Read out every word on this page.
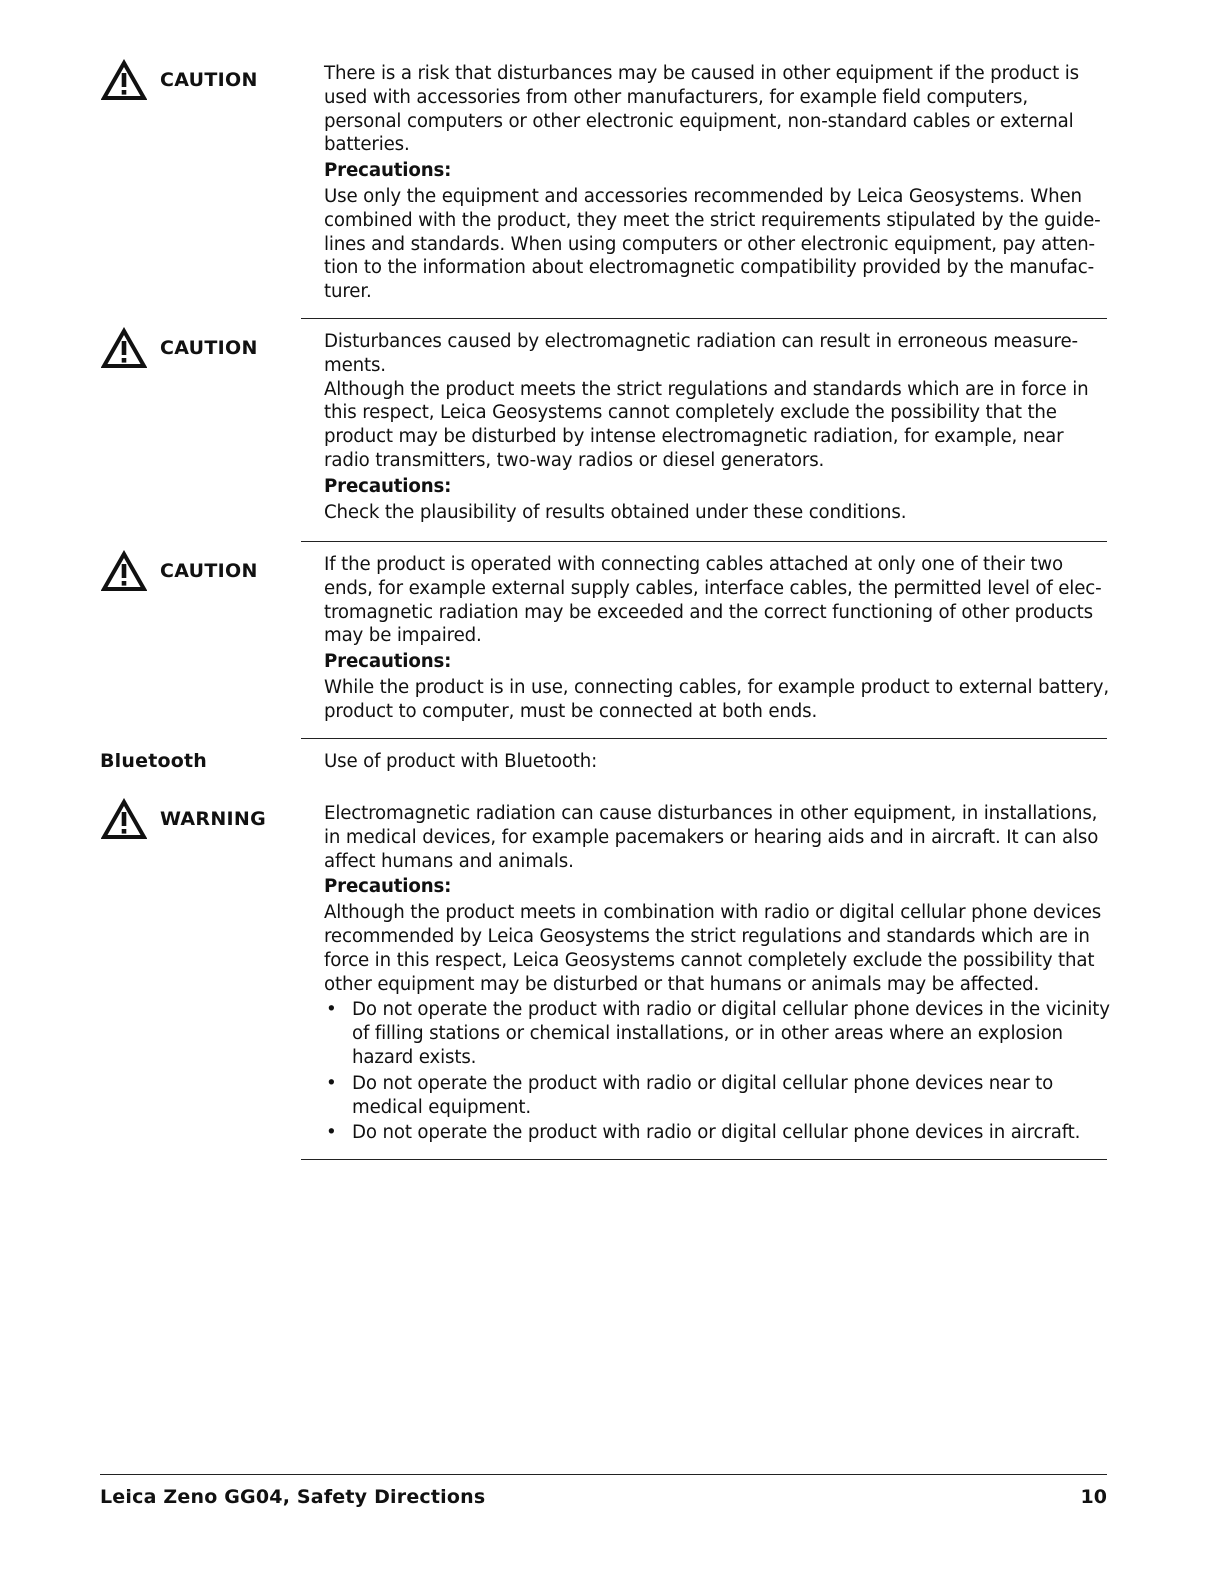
CAUTION	There is a risk that disturbances may be caused in other equipment if the product is used with accessories from other manufacturers, for example field computers, personal computers or other electronic equipment, non-standard cables or external batteries.

Precautions:

Use only the equipment and accessories recommended by Leica Geosystems. When combined with the product, they meet the strict requirements stipulated by the guide-lines and standards. When using computers or other electronic equipment, pay atten-tion to the information about electromagnetic compatibility provided by the manufac-turer.

CAUTION	Disturbances caused by electromagnetic radiation can result in erroneous measure-ments.

Although the product meets the strict regulations and standards which are in force in this respect, Leica Geosystems cannot completely exclude the possibility that the product may be disturbed by intense electromagnetic radiation, for example, near radio transmitters, two-way radios or diesel generators.

Precautions:

Check the plausibility of results obtained under these conditions.

CAUTION	If the product is operated with connecting cables attached at only one of their two ends, for example external supply cables, interface cables, the permitted level of elec-tromagnetic radiation may be exceeded and the correct functioning of other products may be impaired.

Precautions:

While the product is in use, connecting cables, for example product to external battery, product to computer, must be connected at both ends.

Bluetooth	Use of product with Bluetooth:

WARNING	Electromagnetic radiation can cause disturbances in other equipment, in installations, in medical devices, for example pacemakers or hearing aids and in aircraft. It can also affect humans and animals.

Precautions:

Although the product meets in combination with radio or digital cellular phone devices recommended by Leica Geosystems the strict regulations and standards which are in force in this respect, Leica Geosystems cannot completely exclude the possibility that other equipment may be disturbed or that humans or animals may be affected.

• Do not operate the product with radio or digital cellular phone devices in the vicinity of filling stations or chemical installations, or in other areas where an explosion hazard exists.
• Do not operate the product with radio or digital cellular phone devices near to medical equipment.
• Do not operate the product with radio or digital cellular phone devices in aircraft.
Leica Zeno GG04, Safety Directions	10
